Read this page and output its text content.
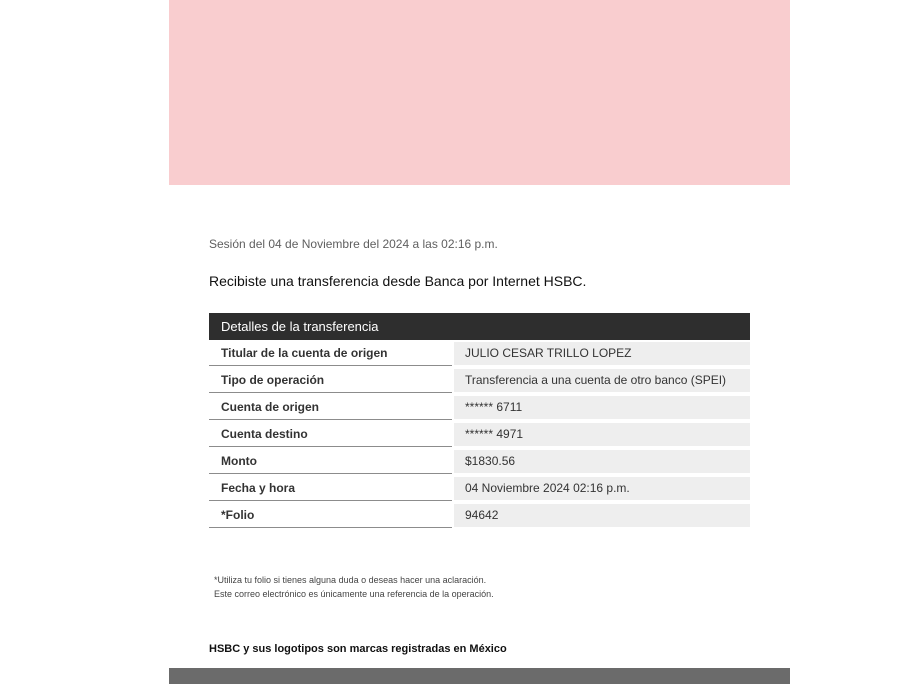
Sesión del 04 de Noviembre del 2024 a las 02:16 p.m.
Recibiste una transferencia desde Banca por Internet HSBC.
Detalles de la transferencia
Titular de la cuenta de origen	JULIO CESAR TRILLO LOPEZ
Tipo de operación	Transferencia a una cuenta de otro banco (SPEI)
Cuenta de origen	****** 6711
Cuenta destino	****** 4971
Monto	$1830.56
Fecha y hora	04 Noviembre 2024 02:16 p.m.
*Folio	94642
*Utiliza tu folio si tienes alguna duda o deseas hacer una aclaración.
Este correo electrónico es únicamente una referencia de la operación.
HSBC y sus logotipos son marcas registradas en México
